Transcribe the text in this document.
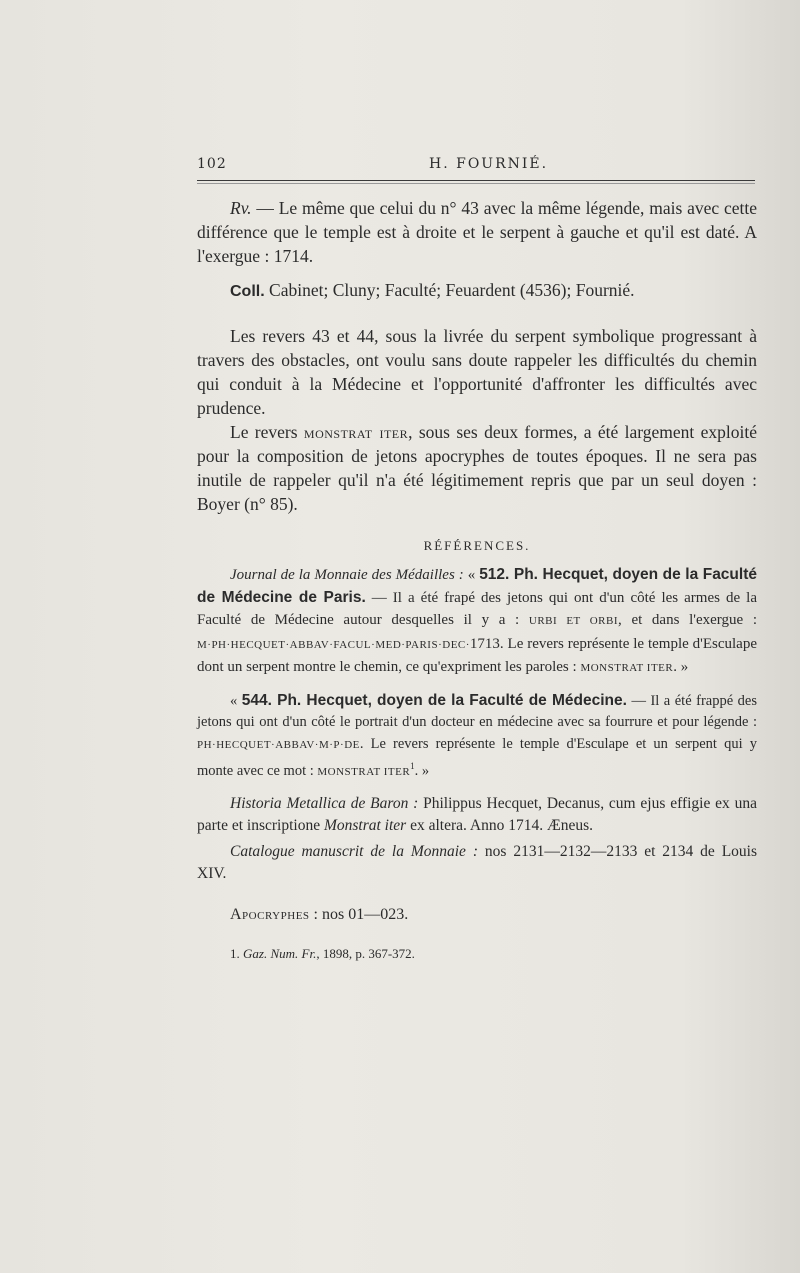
102	H. FOURNIÉ.

Rv. — Le même que celui du n° 43 avec la même légende, mais avec cette différence que le temple est à droite et le serpent à gauche et qu'il est daté. A l'exergue : 1714.

Coll. Cabinet; Cluny; Faculté; Feuardent (4536); Fournié.

Les revers 43 et 44, sous la livrée du serpent symbolique progressant à travers des obstacles, ont voulu sans doute rappeler les difficultés du chemin qui conduit à la Médecine et l'opportunité d'affronter les difficultés avec prudence.

Le revers monstrat iter, sous ses deux formes, a été largement exploité pour la composition de jetons apocryphes de toutes époques. Il ne sera pas inutile de rappeler qu'il n'a été légitimement repris que par un seul doyen : Boyer (n° 85).

RÉFÉRENCES.

Journal de la Monnaie des Médailles : « 512. Ph. Hecquet, doyen de la Faculté de Médecine de Paris. — Il a été frapé des jetons qui ont d'un côté les armes de la Faculté de Médecine autour desquelles il y a : URBI ET ORBI, et dans l'exergue : M·PH·HECQUET·ABBAV·FACUL·MED·PARIS·DEC·1713. Le revers représente le temple d'Esculape dont un serpent montre le chemin, ce qu'expriment les paroles : MONSTRAT ITER. »

« 544. Ph. Hecquet, doyen de la Faculté de Médecine. — Il a été frappé des jetons qui ont d'un côté le portrait d'un docteur en médecine avec sa fourrure et pour légende : PH·HECQUET·ABBAV·M·P·DE. Le revers représente le temple d'Esculape et un serpent qui y monte avec ce mot : MONSTRAT ITER$^1$. »

Historia Metallica de Baron : Philippus Hecquet, Decanus, cum ejus effigie ex una parte et inscriptione Monstrat iter ex altera. Anno 1714. Æneus.

Catalogue manuscrit de la Monnaie : nos 2131—2132—2133 et 2134 de Louis XIV.

Apocryphes : nos 01—023.

1. Gaz. Num. Fr., 1898, p. 367-372.
